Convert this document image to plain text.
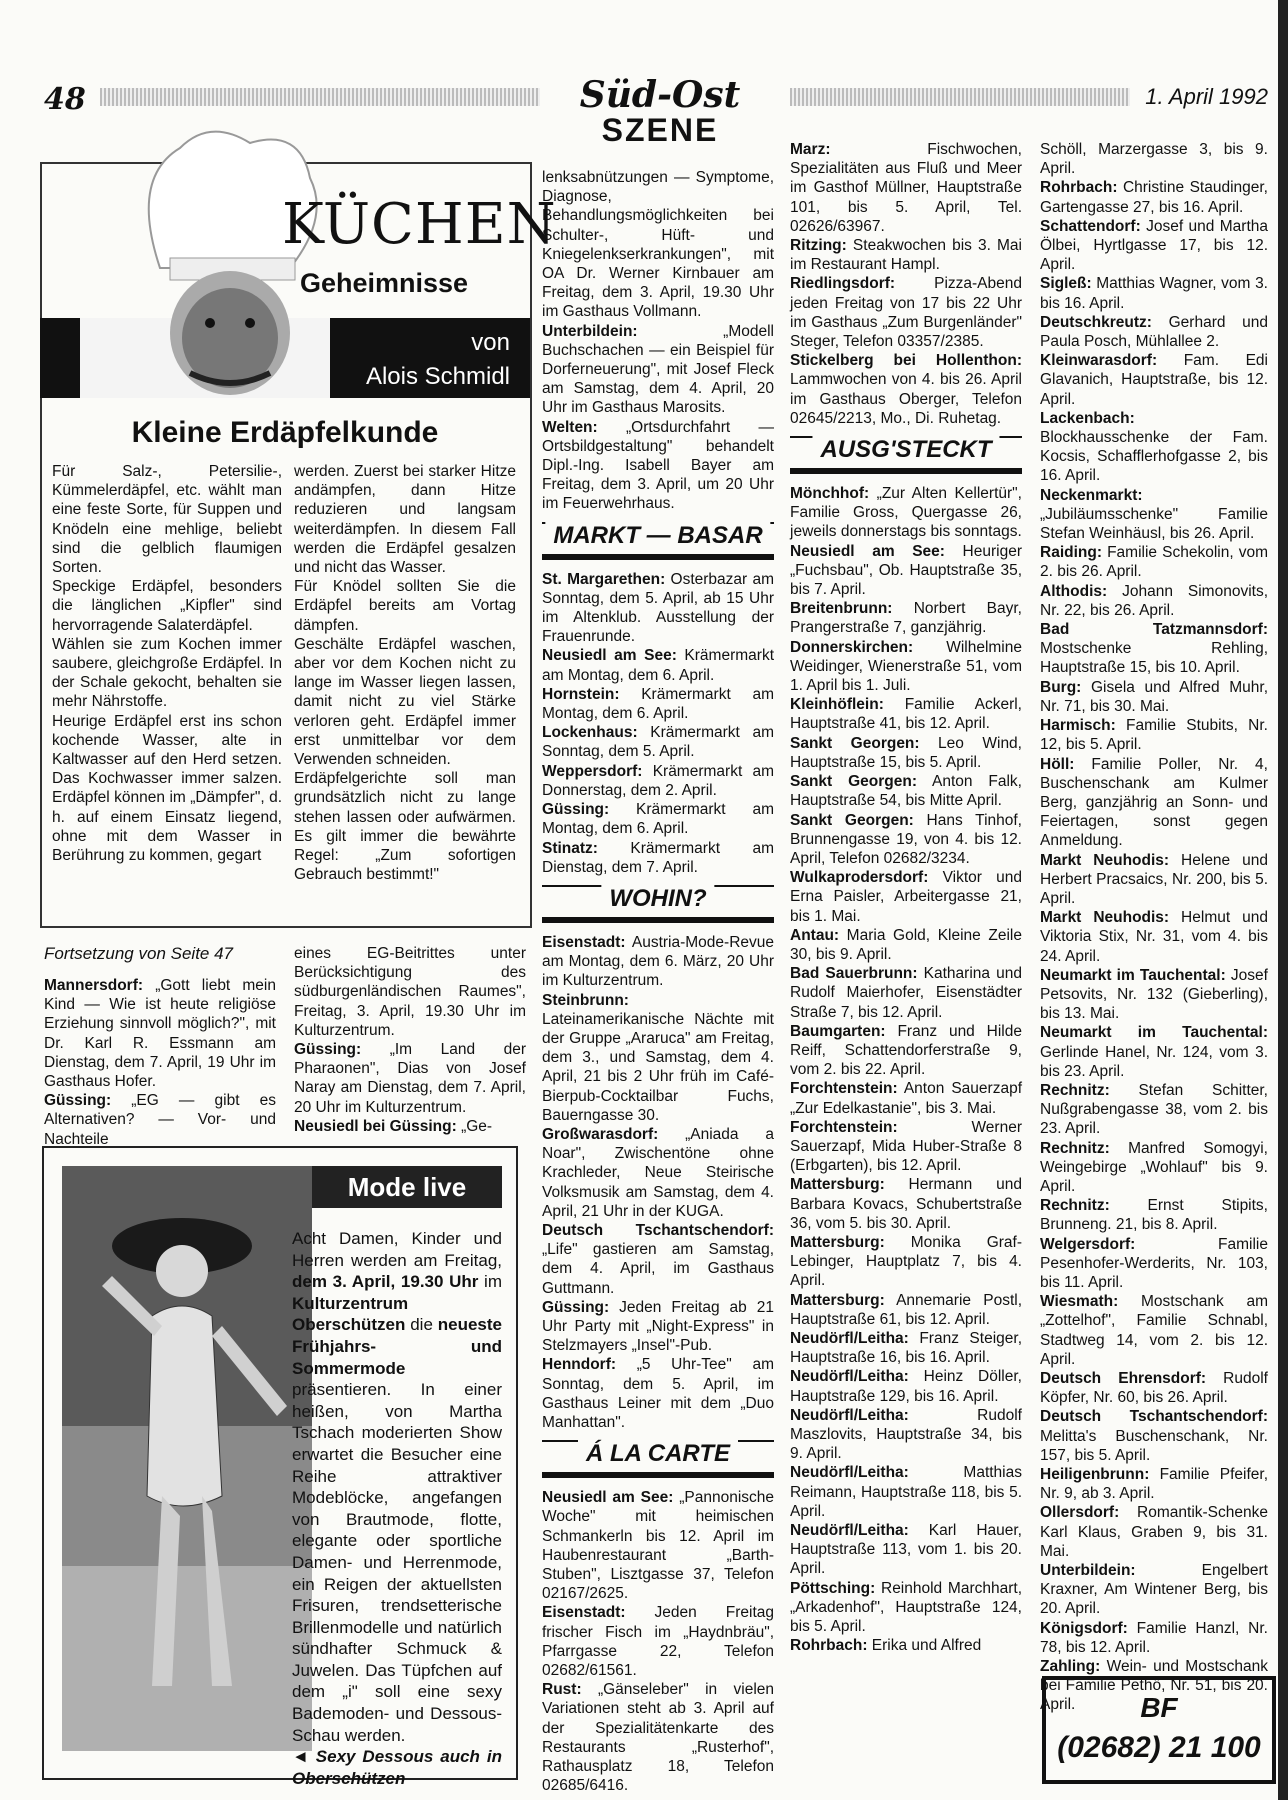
48	1. April 1992
Süd-Ost
SZENE
KÜCHEN
Geheimnisse
von
Alois Schmidl
Kleine Erdäpfelkunde

Für Salz-, Petersilie-, Kümmelerdäpfel, etc. wählt man eine feste Sorte, für Suppen und Knödeln eine mehlige, beliebt sind die gelblich flaumigen Sorten.

Speckige Erdäpfel, besonders die länglichen „Kipfler" sind hervorragende Salaterdäpfel.

Wählen sie zum Kochen immer saubere, gleichgroße Erdäpfel. In der Schale gekocht, behalten sie mehr Nährstoffe.

Heurige Erdäpfel erst ins schon kochende Wasser, alte in Kaltwasser auf den Herd setzen. Das Kochwasser immer salzen. Erdäpfel können im „Dämpfer", d. h. auf einem Einsatz liegend, ohne mit dem Wasser in Berührung zu kommen, gegart

werden. Zuerst bei starker Hitze andämpfen, dann Hitze reduzieren und langsam weiterdämpfen. In diesem Fall werden die Erdäpfel gesalzen und nicht das Wasser.

Für Knödel sollten Sie die Erdäpfel bereits am Vortag dämpfen.

Geschälte Erdäpfel waschen, aber vor dem Kochen nicht zu lange im Wasser liegen lassen, damit nicht zu viel Stärke verloren geht. Erdäpfel immer erst unmittelbar vor dem Verwenden schneiden.

Erdäpfelgerichte soll man grundsätzlich nicht zu lange stehen lassen oder aufwärmen. Es gilt immer die bewährte Regel: „Zum sofortigen Gebrauch bestimmt!"

Fortsetzung von Seite 47

Mannersdorf: „Gott liebt mein Kind — Wie ist heute religiöse Erziehung sinnvoll möglich?", mit Dr. Karl R. Essmann am Dienstag, dem 7. April, 19 Uhr im Gasthaus Hofer.

Güssing: „EG — gibt es Alternativen? — Vor- und Nachteile

eines EG-Beitrittes unter Berücksichtigung des südburgenländischen Raumes", Freitag, 3. April, 19.30 Uhr im Kulturzentrum.

Güssing: „Im Land der Pharaonen", Dias von Josef Naray am Dienstag, dem 7. April, 20 Uhr im Kulturzentrum.

Neusiedl bei Güssing: „Ge-

Mode live
Acht Damen, Kinder und Herren werden am Freitag, dem 3. April, 19.30 Uhr im Kulturzentrum Oberschützen die neueste Frühjahrs- und Sommermode präsentieren. In einer heißen, von Martha Tschach moderierten Show erwartet die Besucher eine Reihe attraktiver Modeblöcke, angefangen von Brautmode, flotte, elegante oder sportliche Damen- und Herrenmode, ein Reigen der aktuellsten Frisuren, trendsetterische Brillenmodelle und natürlich sündhafter Schmuck & Juwelen. Das Tüpfchen auf dem „i" soll eine sexy Bademoden- und Dessous-Schau werden.
◄ Sexy Dessous auch in Oberschützen

lenksabnützungen — Symptome, Diagnose, Behandlungsmöglichkeiten bei Schulter-, Hüft- und Kniegelenkserkrankungen", mit OA Dr. Werner Kirnbauer am Freitag, dem 3. April, 19.30 Uhr im Gasthaus Vollmann.

Unterbildein: „Modell Buchschachen — ein Beispiel für Dorferneuerung", mit Josef Fleck am Samstag, dem 4. April, 20 Uhr im Gasthaus Marosits.

Welten: „Ortsdurchfahrt — Ortsbildgestaltung" behandelt Dipl.-Ing. Isabell Bayer am Freitag, dem 3. April, um 20 Uhr im Feuerwehrhaus.

MARKT — BASAR

St. Margarethen: Osterbazar am Sonntag, dem 5. April, ab 15 Uhr im Altenklub. Ausstellung der Frauenrunde.

Neusiedl am See: Krämermarkt am Montag, dem 6. April.

Hornstein: Krämermarkt am Montag, dem 6. April.

Lockenhaus: Krämermarkt am Sonntag, dem 5. April.

Weppersdorf: Krämermarkt am Donnerstag, dem 2. April.

Güssing: Krämermarkt am Montag, dem 6. April.

Stinatz: Krämermarkt am Dienstag, dem 7. April.

WOHIN?

Eisenstadt: Austria-Mode-Revue am Montag, dem 6. März, 20 Uhr im Kulturzentrum.

Steinbrunn: Lateinamerikanische Nächte mit der Gruppe „Araruca" am Freitag, dem 3., und Samstag, dem 4. April, 21 bis 2 Uhr früh im Café-Bierpub-Cocktailbar Fuchs, Bauerngasse 30.

Großwarasdorf: „Aniada a Noar", Zwischentöne ohne Krachleder, Neue Steirische Volksmusik am Samstag, dem 4. April, 21 Uhr in der KUGA.

Deutsch Tschantschendorf: „Life" gastieren am Samstag, dem 4. April, im Gasthaus Guttmann.

Güssing: Jeden Freitag ab 21 Uhr Party mit „Night-Express" in Stelzmayers „Insel"-Pub.

Henndorf: „5 Uhr-Tee" am Sonntag, dem 5. April, im Gasthaus Leiner mit dem „Duo Manhattan".

Á LA CARTE

Neusiedl am See: „Pannonische Woche" mit heimischen Schmankerln bis 12. April im Haubenrestaurant „Barth-Stuben", Lisztgasse 37, Telefon 02167/2625.

Eisenstadt: Jeden Freitag frischer Fisch im „Haydnbräu", Pfarrgasse 22, Telefon 02682/61561.

Rust: „Gänseleber" in vielen Variationen steht ab 3. April auf der Spezialitätenkarte des Restaurants „Rusterhof", Rathausplatz 18, Telefon 02685/6416.

Marz: Fischwochen, Spezialitäten aus Fluß und Meer im Gasthof Müllner, Hauptstraße 101, bis 5. April, Tel. 02626/63967.

Ritzing: Steakwochen bis 3. Mai im Restaurant Hampl.

Riedlingsdorf: Pizza-Abend jeden Freitag von 17 bis 22 Uhr im Gasthaus „Zum Burgenländer" Steger, Telefon 03357/2385.

Stickelberg bei Hollenthon: Lammwochen von 4. bis 26. April im Gasthaus Oberger, Telefon 02645/2213, Mo., Di. Ruhetag.

AUSG'STECKT

Mönchhof: „Zur Alten Kellertür", Familie Gross, Quergasse 26, jeweils donnerstags bis sonntags.

Neusiedl am See: Heuriger „Fuchsbau", Ob. Hauptstraße 35, bis 7. April.

Breitenbrunn: Norbert Bayr, Prangerstraße 7, ganzjährig.

Donnerskirchen: Wilhelmine Weidinger, Wienerstraße 51, vom 1. April bis 1. Juli.

Kleinhöflein: Familie Ackerl, Hauptstraße 41, bis 12. April.

Sankt Georgen: Leo Wind, Hauptstraße 15, bis 5. April.

Sankt Georgen: Anton Falk, Hauptstraße 54, bis Mitte April.

Sankt Georgen: Hans Tinhof, Brunnengasse 19, von 4. bis 12. April, Telefon 02682/3234.

Wulkaprodersdorf: Viktor und Erna Paisler, Arbeitergasse 21, bis 1. Mai.

Antau: Maria Gold, Kleine Zeile 30, bis 9. April.

Bad Sauerbrunn: Katharina und Rudolf Maierhofer, Eisenstädter Straße 7, bis 12. April.

Baumgarten: Franz und Hilde Reiff, Schattendorferstraße 9, vom 2. bis 22. April.

Forchtenstein: Anton Sauerzapf „Zur Edelkastanie", bis 3. Mai.

Forchtenstein: Werner Sauerzapf, Mida Huber-Straße 8 (Erbgarten), bis 12. April.

Mattersburg: Hermann und Barbara Kovacs, Schubertstraße 36, vom 5. bis 30. April.

Mattersburg: Monika Graf-Lebinger, Hauptplatz 7, bis 4. April.

Mattersburg: Annemarie Postl, Hauptstraße 61, bis 12. April.

Neudörfl/Leitha: Franz Steiger, Hauptstraße 16, bis 16. April.

Neudörfl/Leitha: Heinz Döller, Hauptstraße 129, bis 16. April.

Neudörfl/Leitha: Rudolf Maszlovits, Hauptstraße 34, bis 9. April.

Neudörfl/Leitha: Matthias Reimann, Hauptstraße 118, bis 5. April.

Neudörfl/Leitha: Karl Hauer, Hauptstraße 113, vom 1. bis 20. April.

Pöttsching: Reinhold Marchhart, „Arkadenhof", Hauptstraße 124, bis 5. April.

Rohrbach: Erika und Alfred

Schöll, Marzergasse 3, bis 9. April.

Rohrbach: Christine Staudinger, Gartengasse 27, bis 16. April.

Schattendorf: Josef und Martha Ölbei, Hyrtlgasse 17, bis 12. April.

Sigleß: Matthias Wagner, vom 3. bis 16. April.

Deutschkreutz: Gerhard und Paula Posch, Mühlallee 2.

Kleinwarasdorf: Fam. Edi Glavanich, Hauptstraße, bis 12. April.

Lackenbach: Blockhausschenke der Fam. Kocsis, Schafflerhofgasse 2, bis 16. April.

Neckenmarkt: „Jubiläumsschenke" Familie Stefan Weinhäusl, bis 26. April.

Raiding: Familie Schekolin, vom 2. bis 26. April.

Althodis: Johann Simonovits, Nr. 22, bis 26. April.

Bad Tatzmannsdorf: Mostschenke Rehling, Hauptstraße 15, bis 10. April.

Burg: Gisela und Alfred Muhr, Nr. 71, bis 30. Mai.

Harmisch: Familie Stubits, Nr. 12, bis 5. April.

Höll: Familie Poller, Nr. 4, Buschenschank am Kulmer Berg, ganzjährig an Sonn- und Feiertagen, sonst gegen Anmeldung.

Markt Neuhodis: Helene und Herbert Pracsaics, Nr. 200, bis 5. April.

Markt Neuhodis: Helmut und Viktoria Stix, Nr. 31, vom 4. bis 24. April.

Neumarkt im Tauchental: Josef Petsovits, Nr. 132 (Gieberling), bis 13. Mai.

Neumarkt im Tauchental: Gerlinde Hanel, Nr. 124, vom 3. bis 23. April.

Rechnitz: Stefan Schitter, Nußgrabengasse 38, vom 2. bis 23. April.

Rechnitz: Manfred Somogyi, Weingebirge „Wohlauf" bis 9. April.

Rechnitz: Ernst Stipits, Brunneng. 21, bis 8. April.

Welgersdorf: Familie Pesenhofer-Werderits, Nr. 103, bis 11. April.

Wiesmath: Mostschank am „Zottelhof", Familie Schnabl, Stadtweg 14, vom 2. bis 12. April.

Deutsch Ehrensdorf: Rudolf Köpfer, Nr. 60, bis 26. April.

Deutsch Tschantschendorf: Melitta's Buschenschank, Nr. 157, bis 5. April.

Heiligenbrunn: Familie Pfeifer, Nr. 9, ab 3. April.

Ollersdorf: Romantik-Schenke Karl Klaus, Graben 9, bis 31. Mai.

Unterbildein: Engelbert Kraxner, Am Wintener Berg, bis 20. April.

Königsdorf: Familie Hanzl, Nr. 78, bis 12. April.

Zahling: Wein- und Mostschank bei Familie Pethö, Nr. 51, bis 20. April.	BF
(02682) 21 100
